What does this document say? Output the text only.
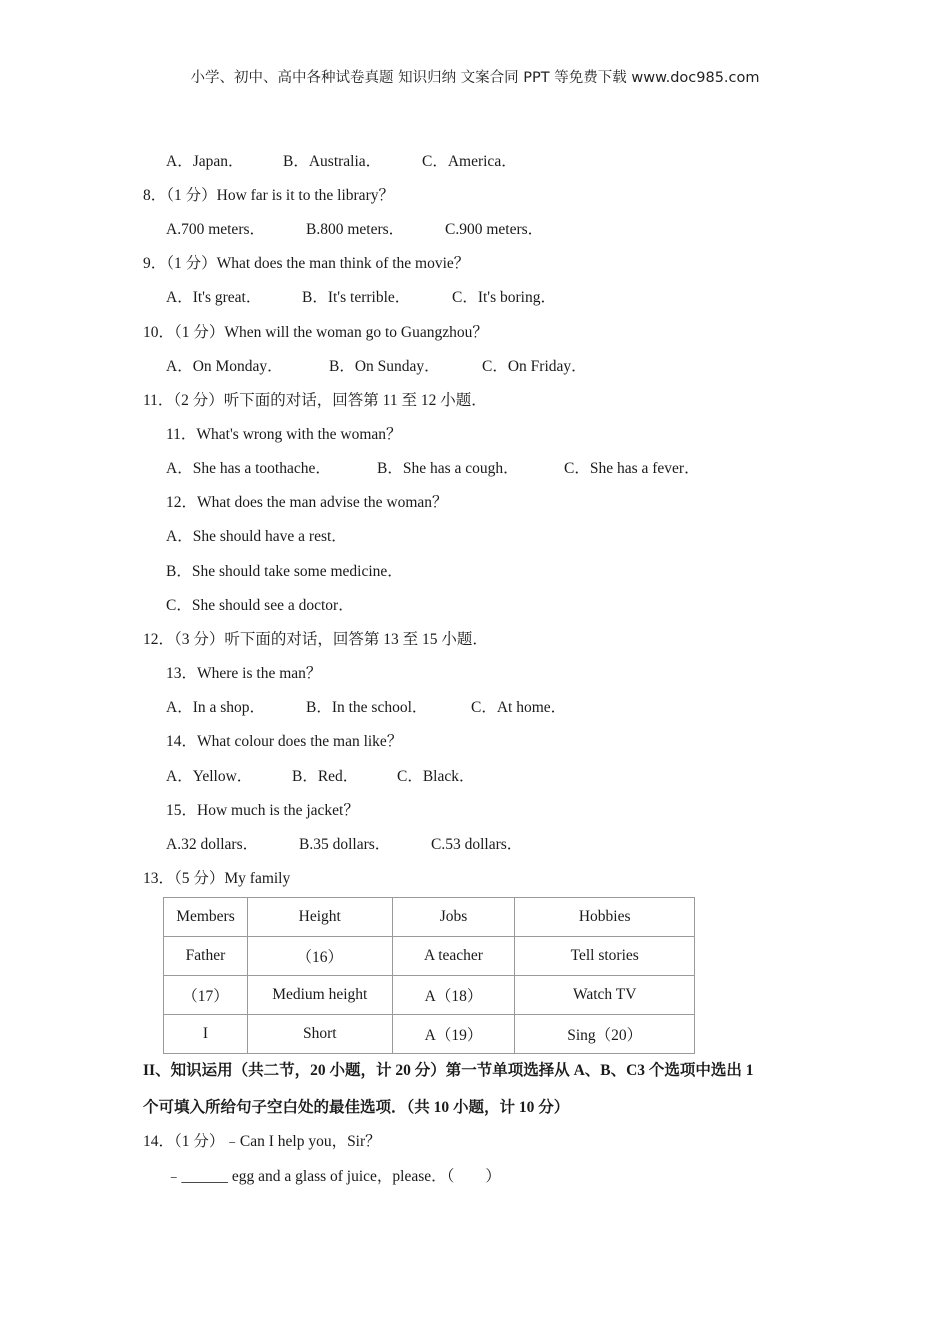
小学、初中、高中各种试卷真题 知识归纳 文案合同 PPT 等免费下载 www.doc985.com
A．Japan．	B．Australia．	C．America．
8．（1 分）How far is it to the library？
A.700 meters．	B.800 meters．	C.900 meters．
9．（1 分）What does the man think of the movie？
A．It's great．	B．It's terrible．	C．It's boring．
10．（1 分）When will the woman go to Guangzhou？
A．On Monday．	B．On Sunday．	C．On Friday．
11．（2 分）听下面的对话，回答第 11 至 12 小题．
11．What's wrong with the woman？
A．She has a toothache．	B．She has a cough．	C．She has a fever．
12．What does the man advise the woman？
A．She should have a rest．
B．She should take some medicine．
C．She should see a doctor．
12．（3 分）听下面的对话，回答第 13 至 15 小题．
13．Where is the man？
A．In a shop．	B．In the school．	C．At home．
14．What colour does the man like？
A．Yellow．	B．Red． C．Black．
15．How much is the jacket？
A.32 dollars．	B.35 dollars．	C.53 dollars．
13．（5 分）My family
Members	Height	Jobs	Hobbies
Father	（16）	A teacher	Tell stories
（17）	Medium height	A（18）	Watch TV
I	Short	A（19）	Sing（20）
II、知识运用（共二节，20 小题，计 20 分）第一节单项选择从 A、B、C3 个选项中选出 1
个可填入所给句子空白处的最佳选项．（共 10 小题，计 10 分）
14．（1 分）﹣Can I help you，Sir？
﹣______ egg and a glass of juice，please．（　　）
